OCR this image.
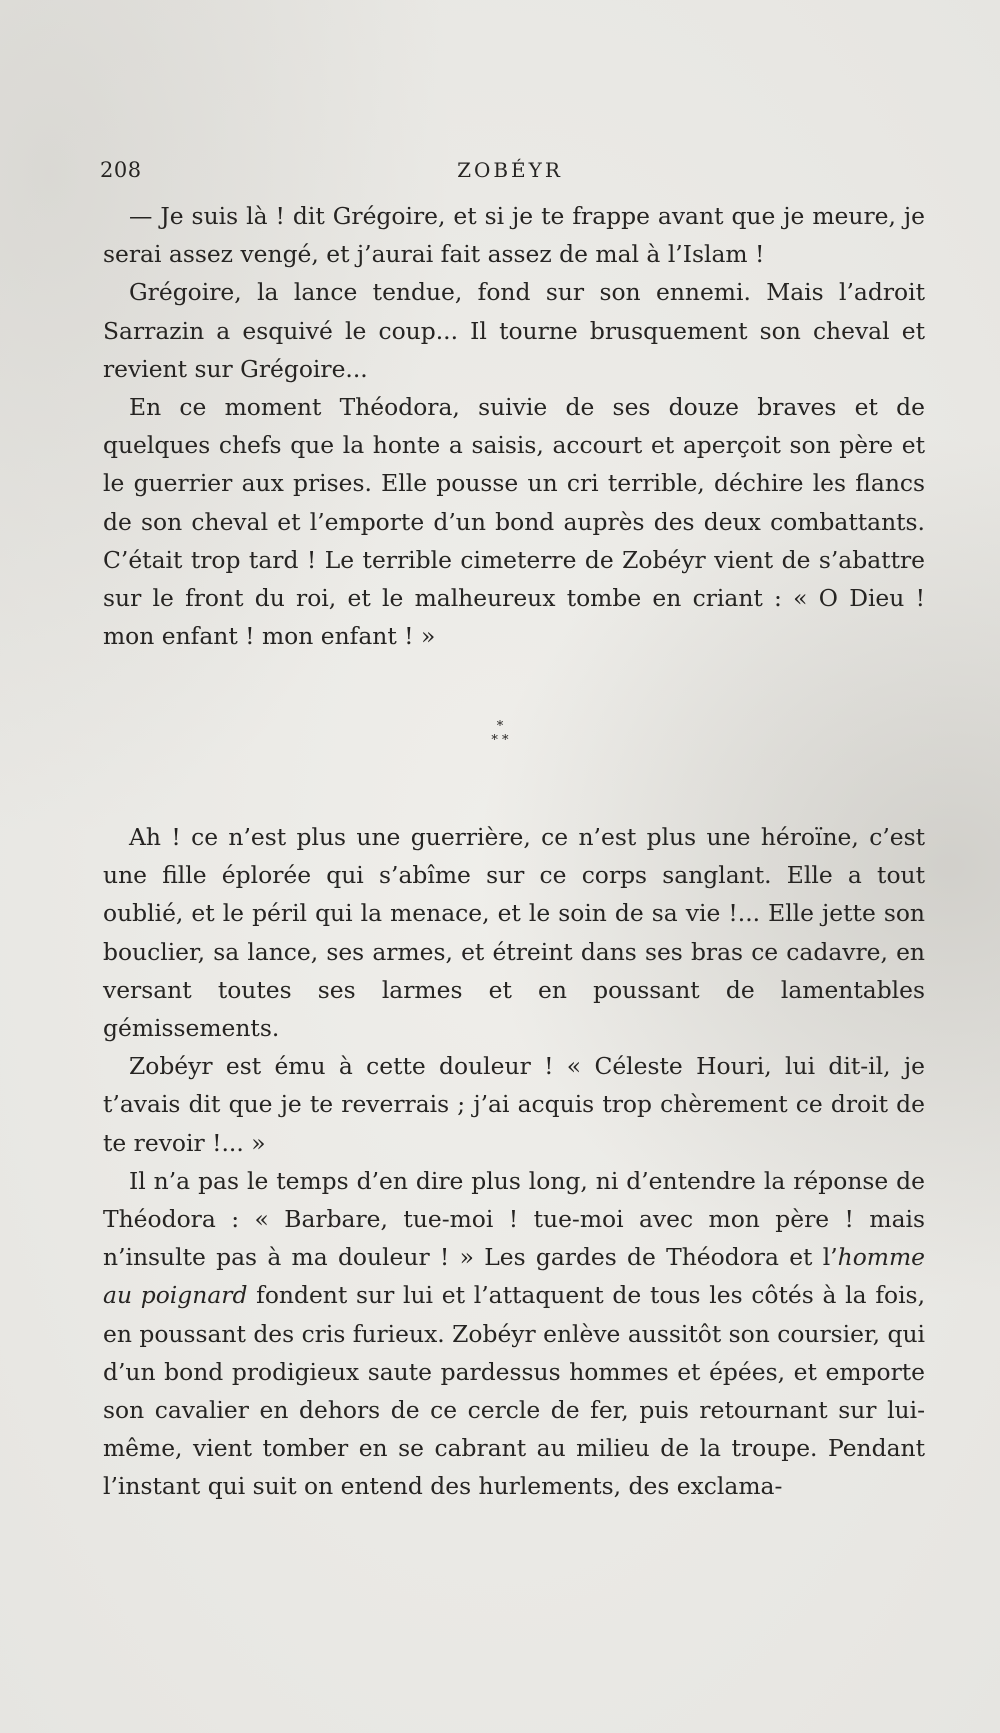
208	ZOBÉYR

— Je suis là ! dit Grégoire, et si je te frappe avant que je meure, je serai assez vengé, et j’aurai fait assez de mal à l’Islam !

Grégoire, la lance tendue, fond sur son ennemi. Mais l’adroit Sarrazin a esquivé le coup... Il tourne brusquement son cheval et revient sur Grégoire...

En ce moment Théodora, suivie de ses douze braves et de quelques chefs que la honte a saisis, accourt et aperçoit son père et le guerrier aux prises. Elle pousse un cri terrible, déchire les flancs de son cheval et l’emporte d’un bond auprès des deux combattants. C’était trop tard ! Le terrible cimeterre de Zobéyr vient de s’abattre sur le front du roi, et le malheureux tombe en criant : « O Dieu ! mon enfant ! mon enfant ! »

*
* *

Ah ! ce n’est plus une guerrière, ce n’est plus une héroïne, c’est une fille éplorée qui s’abîme sur ce corps sanglant. Elle a tout oublié, et le péril qui la menace, et le soin de sa vie !... Elle jette son bouclier, sa lance, ses armes, et étreint dans ses bras ce cadavre, en versant toutes ses larmes et en poussant de lamentables gémissements.

Zobéyr est ému à cette douleur ! « Céleste Houri, lui dit-il, je t’avais dit que je te reverrais ; j’ai acquis trop chèrement ce droit de te revoir !... »

Il n’a pas le temps d’en dire plus long, ni d’entendre la réponse de Théodora : « Barbare, tue-moi ! tue-moi avec mon père ! mais n’insulte pas à ma douleur ! » Les gardes de Théodora et l’homme au poignard fondent sur lui et l’attaquent de tous les côtés à la fois, en poussant des cris furieux. Zobéyr enlève aussitôt son coursier, qui d’un bond prodigieux saute pardessus hommes et épées, et emporte son cavalier en dehors de ce cercle de fer, puis retournant sur lui-même, vient tomber en se cabrant au milieu de la troupe. Pendant l’instant qui suit on entend des hurlements, des exclama-
